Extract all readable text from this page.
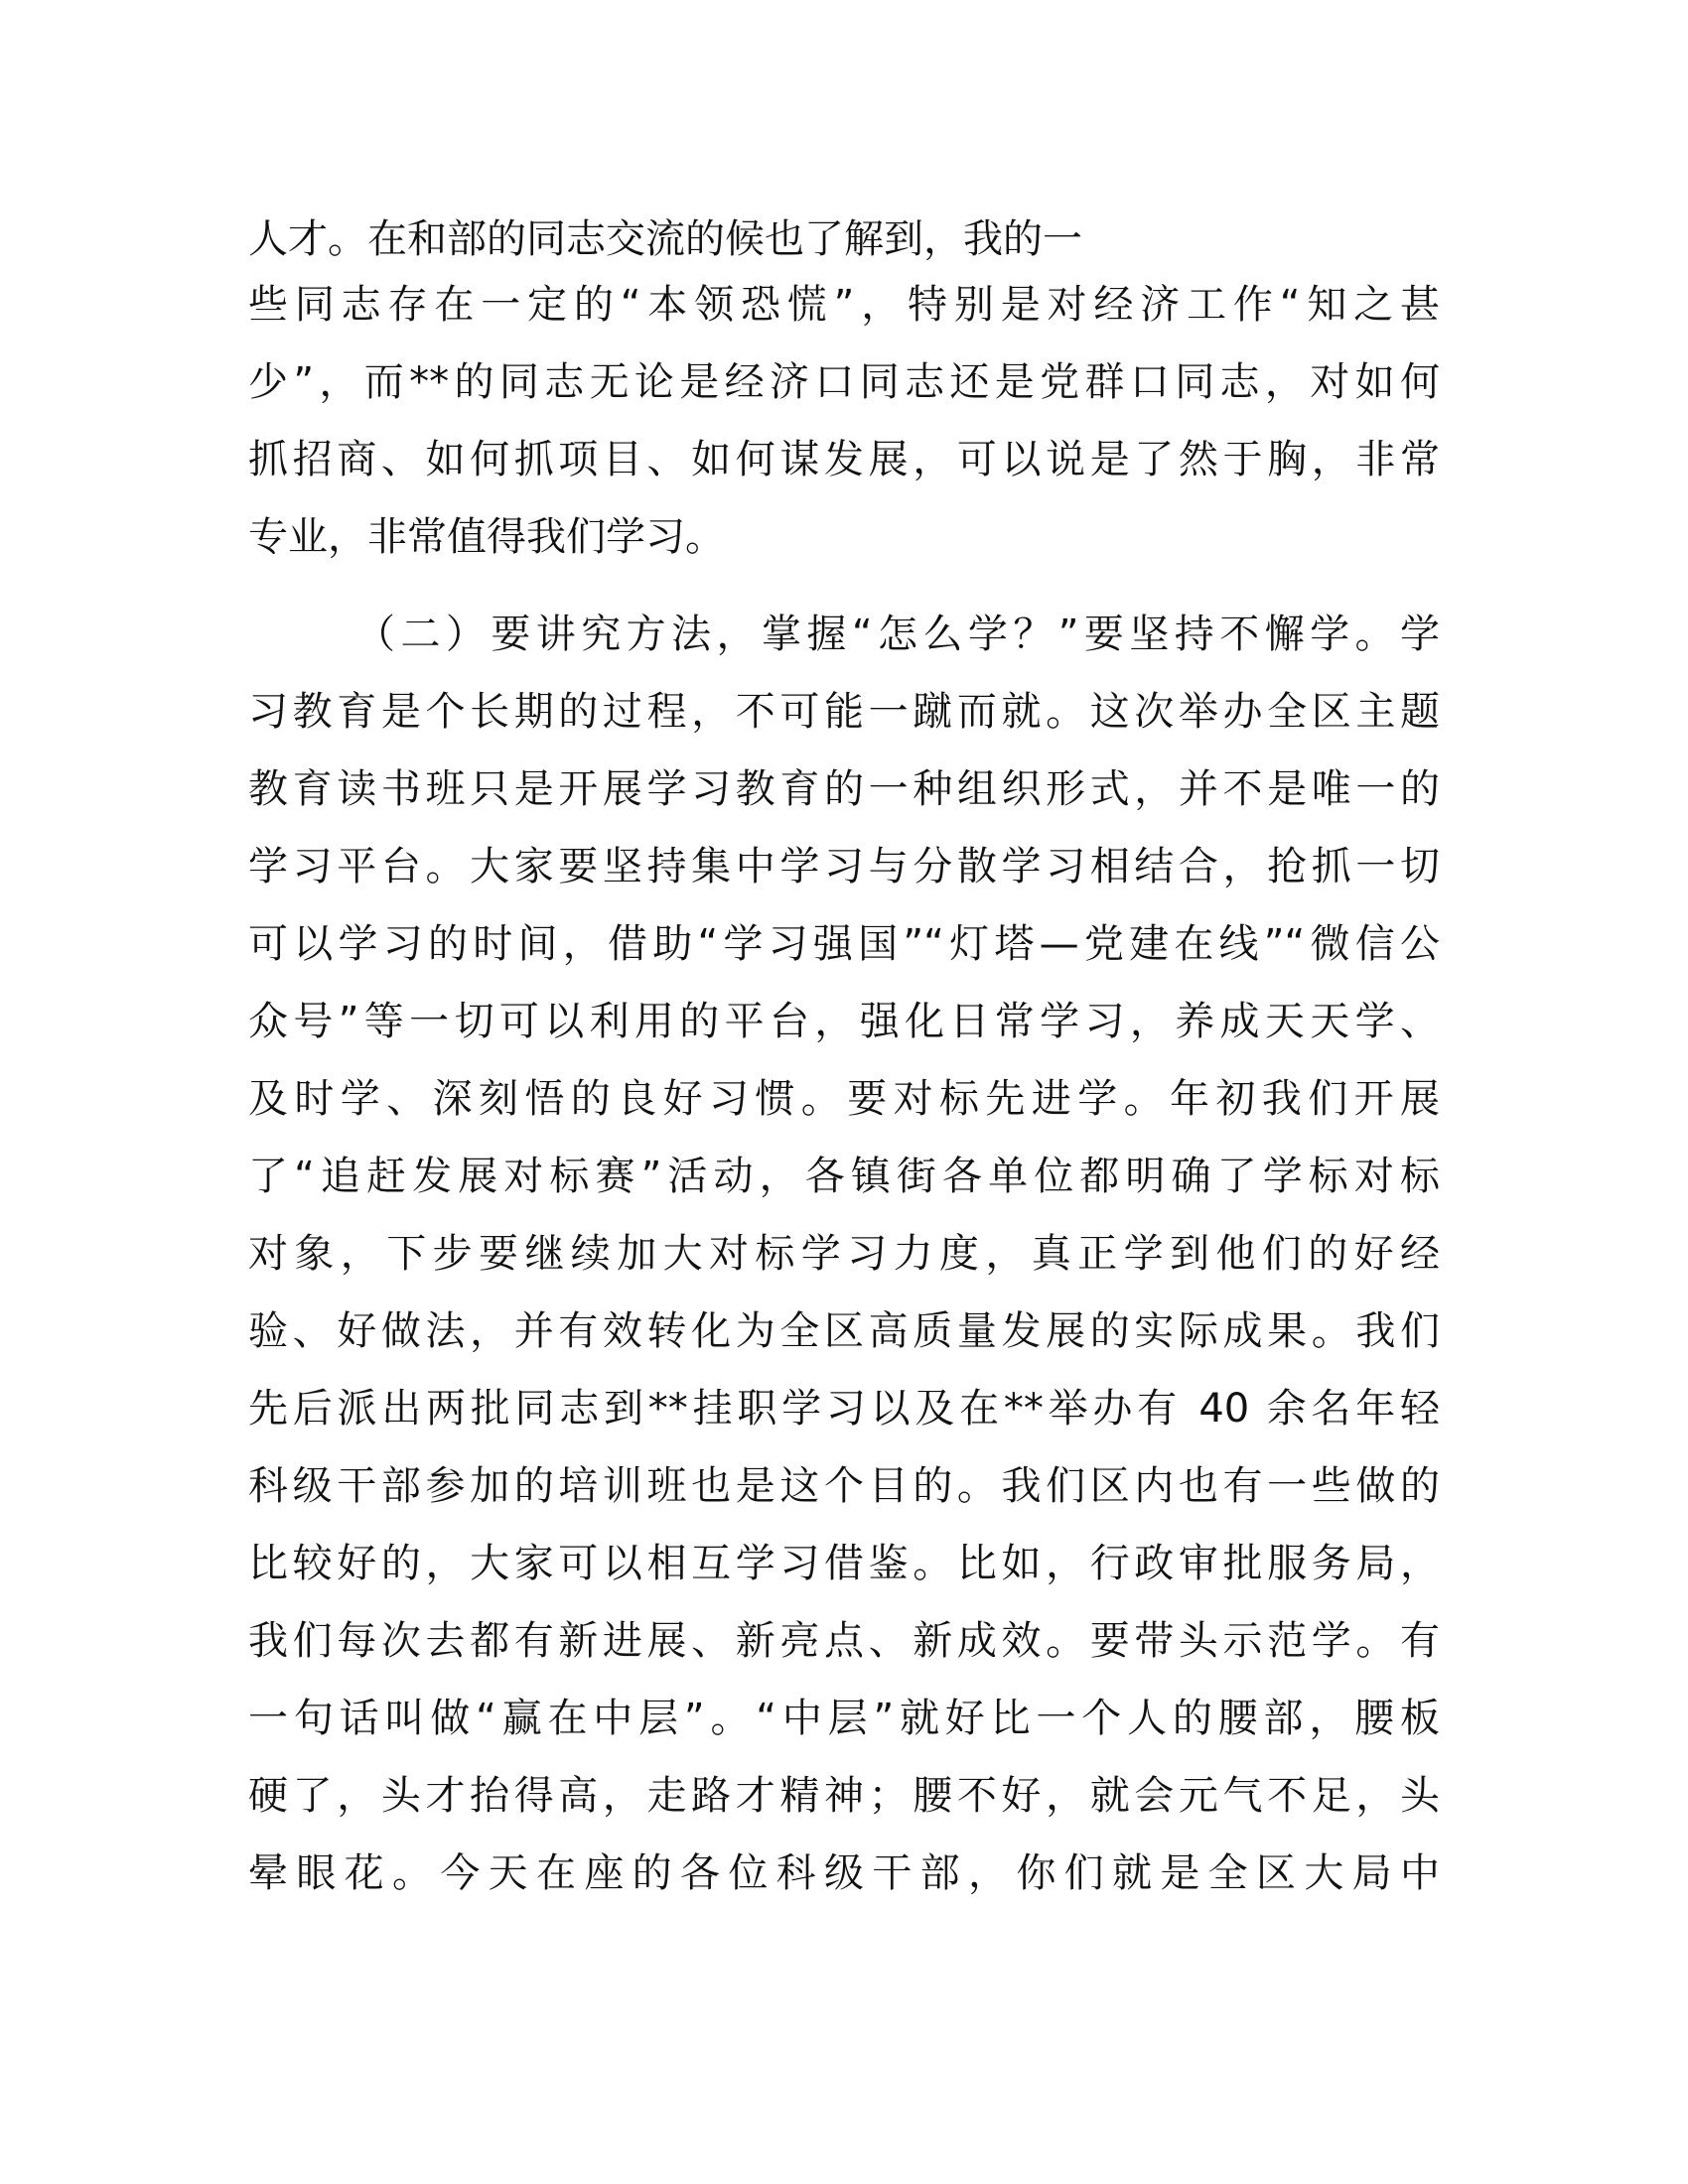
人才。在和部的同志交流的候也了解到，我的一
些同志存在一定的“本领恐慌”，特别是对经济工作“知之甚
少”，而**的同志无论是经济口同志还是党群口同志，对如何
抓招商、如何抓项目、如何谋发展，可以说是了然于胸，非常
专业，非常值得我们学习。
（二）要讲究方法，掌握“怎么学？”要坚持不懈学。学
习教育是个长期的过程，不可能一蹴而就。这次举办全区主题
教育读书班只是开展学习教育的一种组织形式，并不是唯一的
学习平台。大家要坚持集中学习与分散学习相结合，抢抓一切
可以学习的时间，借助“学习强国”“灯塔—党建在线”“微信公
众号”等一切可以利用的平台，强化日常学习，养成天天学、
及时学、深刻悟的良好习惯。要对标先进学。年初我们开展
了“追赶发展对标赛”活动，各镇街各单位都明确了学标对标
对象，下步要继续加大对标学习力度，真正学到他们的好经
验、好做法，并有效转化为全区高质量发展的实际成果。我们
先后派出两批同志到**挂职学习以及在**举办有 40 余名年轻
科级干部参加的培训班也是这个目的。我们区内也有一些做的
比较好的，大家可以相互学习借鉴。比如，行政审批服务局，
我们每次去都有新进展、新亮点、新成效。要带头示范学。有
一句话叫做“赢在中层”。“中层”就好比一个人的腰部，腰板
硬了，头才抬得高，走路才精神；腰不好，就会元气不足，头
晕眼花。今天在座的各位科级干部，你们就是全区大局中
